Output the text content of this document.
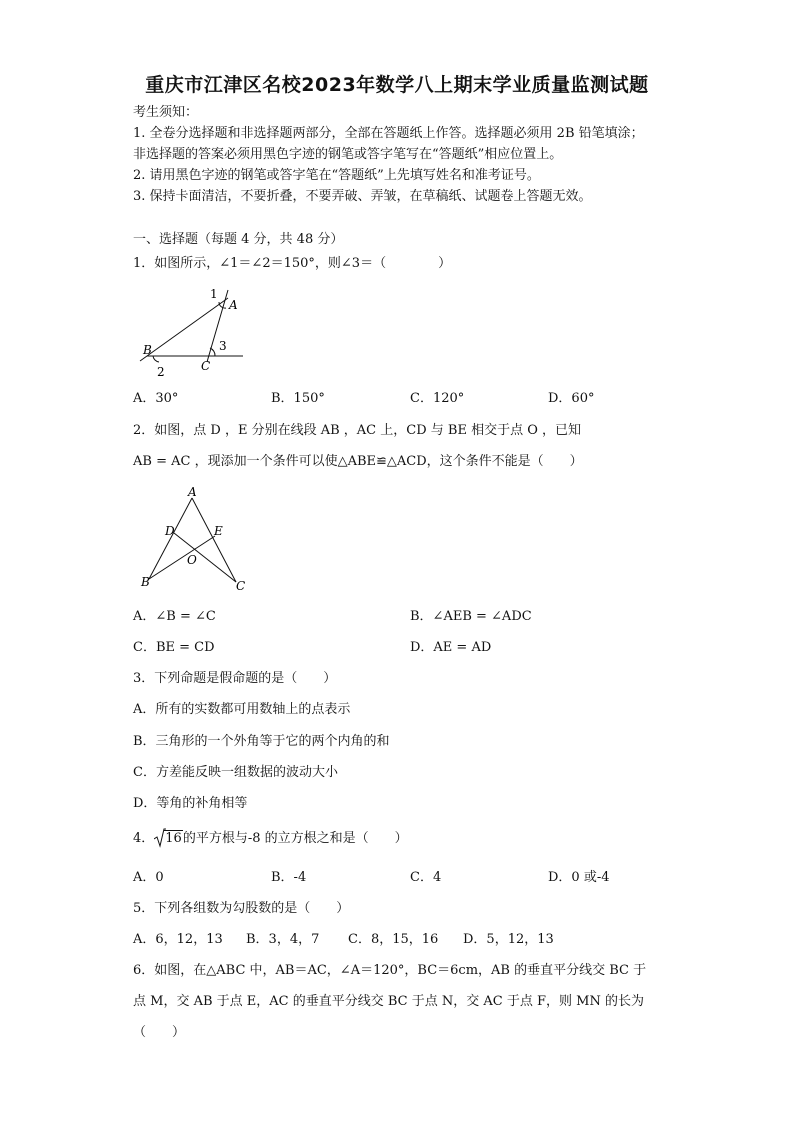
重庆市江津区名校2023年数学八上期末学业质量监测试题
考生须知：
1. 全卷分选择题和非选择题两部分，全部在答题纸上作答。选择题必须用 2B 铅笔填涂；
非选择题的答案必须用黑色字迹的钢笔或答字笔写在“答题纸”相应位置上。
2. 请用黑色字迹的钢笔或答字笔在“答题纸”上先填写姓名和准考证号。
3. 保持卡面清洁，不要折叠，不要弄破、弄皱，在草稿纸、试题卷上答题无效。
一、选择题（每题 4 分，共 48 分）
1．如图所示，∠1＝∠2＝150°，则∠3＝（　　　　）
1
A
B
2	C
3
A．30°	B．150°	C．120°	D．60°
2．如图，点 D ，E 分别在线段 AB ，AC 上，CD 与 BE 相交于点 O ，已知
AB = AC ，现添加一个条件可以使△ABE≌△ACD，这个条件不能是（　　）
A
D	E
O
B	C
A．∠B = ∠C	B．∠AEB = ∠ADC
C．BE = CD	D．AE = AD
3．下列命题是假命题的是（　　）
A．所有的实数都可用数轴上的点表示
B．三角形的一个外角等于它的两个内角的和
C．方差能反映一组数据的波动大小
D．等角的补角相等
4． 16的平方根与-8 的立方根之和是（　　）
A．0	B．-4	C．4	D．0 或-4
5．下列各组数为勾股数的是（　　）
A．6，12，13 B．3，4，7 C．8，15，16 D．5，12，13
6．如图，在△ABC 中，AB＝AC，∠A＝120°，BC＝6cm，AB 的垂直平分线交 BC 于
点 M，交 AB 于点 E，AC 的垂直平分线交 BC 于点 N，交 AC 于点 F，则 MN 的长为
（　　）
